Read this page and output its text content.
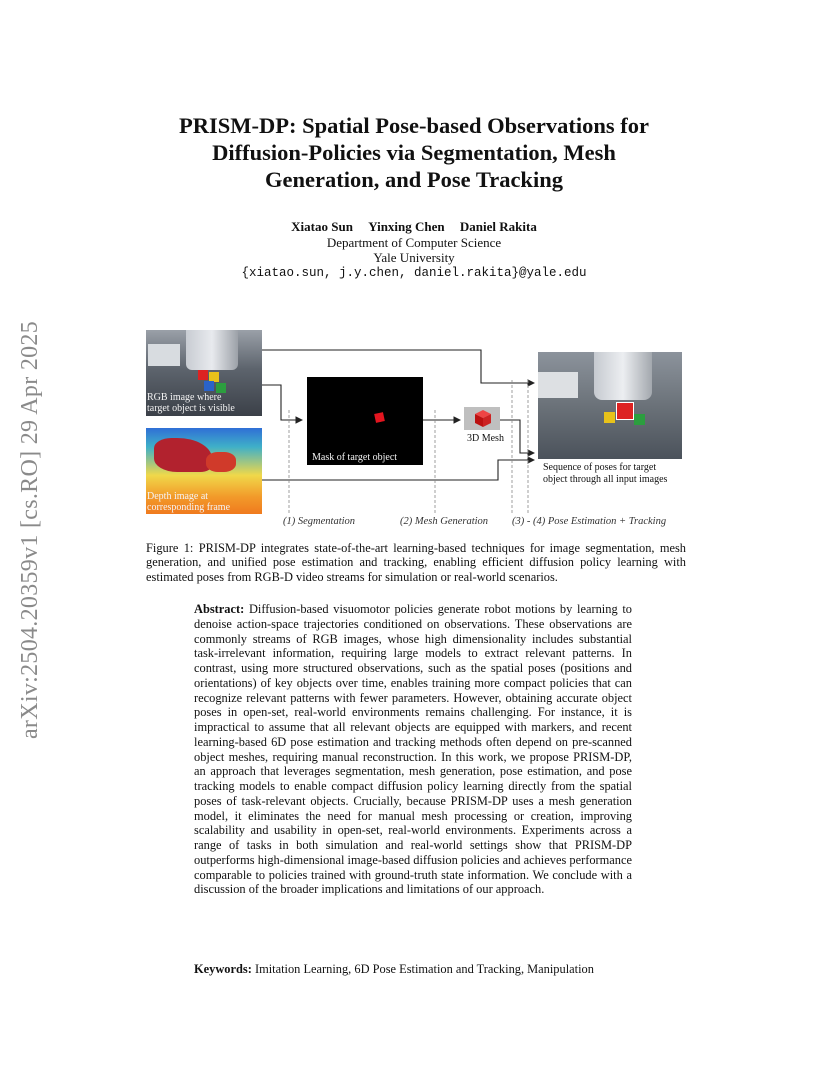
arXiv:2504.20359v1 [cs.RO] 29 Apr 2025
PRISM-DP: Spatial Pose-based Observations for
Diffusion-Policies via Segmentation, Mesh
Generation, and Pose Tracking
Xiatao Sun Yinxing Chen Daniel Rakita
Department of Computer Science
Yale University
{xiatao.sun, j.y.chen, daniel.rakita}@yale.edu
RGB image where
target object is visible
Depth image at
corresponding frame
Mask of target object
3D Mesh
Sequence of poses for target
object through all input images
(1) Segmentation	(2) Mesh Generation (3) - (4) Pose Estimation + Tracking
Figure 1: PRISM-DP integrates state-of-the-art learning-based techniques for image segmentation, mesh generation, and unified pose estimation and tracking, enabling efficient diffusion policy learning with estimated poses from RGB-D video streams for simulation or real-world scenarios.
Abstract: Diffusion-based visuomotor policies generate robot motions by learning to denoise action-space trajectories conditioned on observations. These observations are commonly streams of RGB images, whose high dimensionality includes substantial task-irrelevant information, requiring large models to extract relevant patterns. In contrast, using more structured observations, such as the spatial poses (positions and orientations) of key objects over time, enables training more compact policies that can recognize relevant patterns with fewer parameters. However, obtaining accurate object poses in open-set, real-world environments remains challenging. For instance, it is impractical to assume that all relevant objects are equipped with markers, and recent learning-based 6D pose estimation and tracking methods often depend on pre-scanned object meshes, requiring manual reconstruction. In this work, we propose PRISM-DP, an approach that leverages segmentation, mesh generation, pose estimation, and pose tracking models to enable compact diffusion policy learning directly from the spatial poses of task-relevant objects. Crucially, because PRISM-DP uses a mesh generation model, it eliminates the need for manual mesh processing or creation, improving scalability and usability in open-set, real-world environments. Experiments across a range of tasks in both simulation and real-world settings show that PRISM-DP outperforms high-dimensional image-based diffusion policies and achieves performance comparable to policies trained with ground-truth state information. We conclude with a discussion of the broader implications and limitations of our approach.
Keywords: Imitation Learning, 6D Pose Estimation and Tracking, Manipulation
